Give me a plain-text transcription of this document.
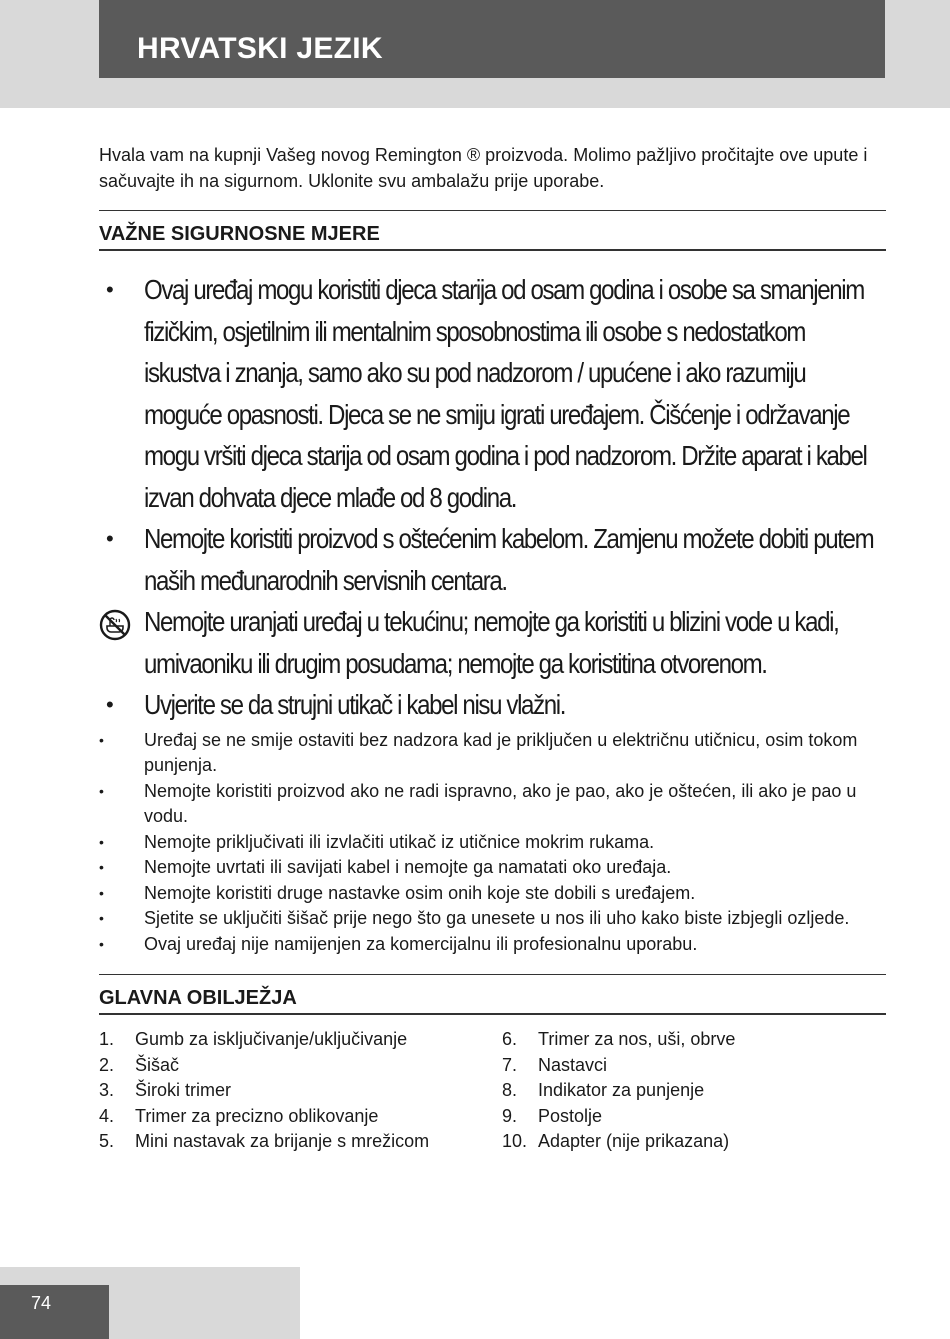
HRVATSKI JEZIK

Hvala vam na kupnji Vašeg novog Remington ® proizvoda. Molimo pažljivo pročitajte ove upute i sačuvajte ih na sigurnom. Uklonite svu ambalažu prije uporabe.

VAŽNE SIGURNOSNE MJERE
• Ovaj uređaj mogu koristiti djeca starija od osam godina i osobe sa smanjenim fizičkim, osjetilnim ili mentalnim sposobnostima ili osobe s nedostatkom iskustva i znanja, samo ako su pod nadzorom / upućene i ako razumiju moguće opasnosti. Djeca se ne smiju igrati uređajem. Čišćenje i održavanje mogu vršiti djeca starija od osam godina i pod nadzorom. Držite aparat i kabel izvan dohvata djece mlađe od 8 godina.
• Nemojte koristiti proizvod s oštećenim kabelom. Zamjenu možete dobiti putem naših međunarodnih servisnih centara.
Nemojte uranjati uređaj u tekućinu; nemojte ga koristiti u blizini vode u kadi, umivaoniku ili drugim posudama; nemojte ga koristitina otvorenom.
• Uvjerite se da strujni utikač i kabel nisu vlažni.
• Uređaj se ne smije ostaviti bez nadzora kad je priključen u električnu utičnicu, osim tokom punjenja.
• Nemojte koristiti proizvod ako ne radi ispravno, ako je pao, ako je oštećen, ili ako je pao u vodu.
• Nemojte priključivati ili izvlačiti utikač iz utičnice mokrim rukama.
• Nemojte uvrtati ili savijati kabel i nemojte ga namatati oko uređaja.
• Nemojte koristiti druge nastavke osim onih koje ste dobili s uređajem.
• Sjetite se uključiti šišač prije nego što ga unesete u nos ili uho kako biste izbjegli ozljede.
• Ovaj uređaj nije namijenjen za komercijalnu ili profesionalnu uporabu.
GLAVNA OBILJEŽJA
1. Gumb za isključivanje/uključivanje
2. Šišač
3. Široki trimer
4. Trimer za precizno oblikovanje
5. Mini nastavak za brijanje s mrežicom
6. Trimer za nos, uši, obrve
7. Nastavci
8. Indikator za punjenje
9. Postolje
10. Adapter (nije prikazana)
74
